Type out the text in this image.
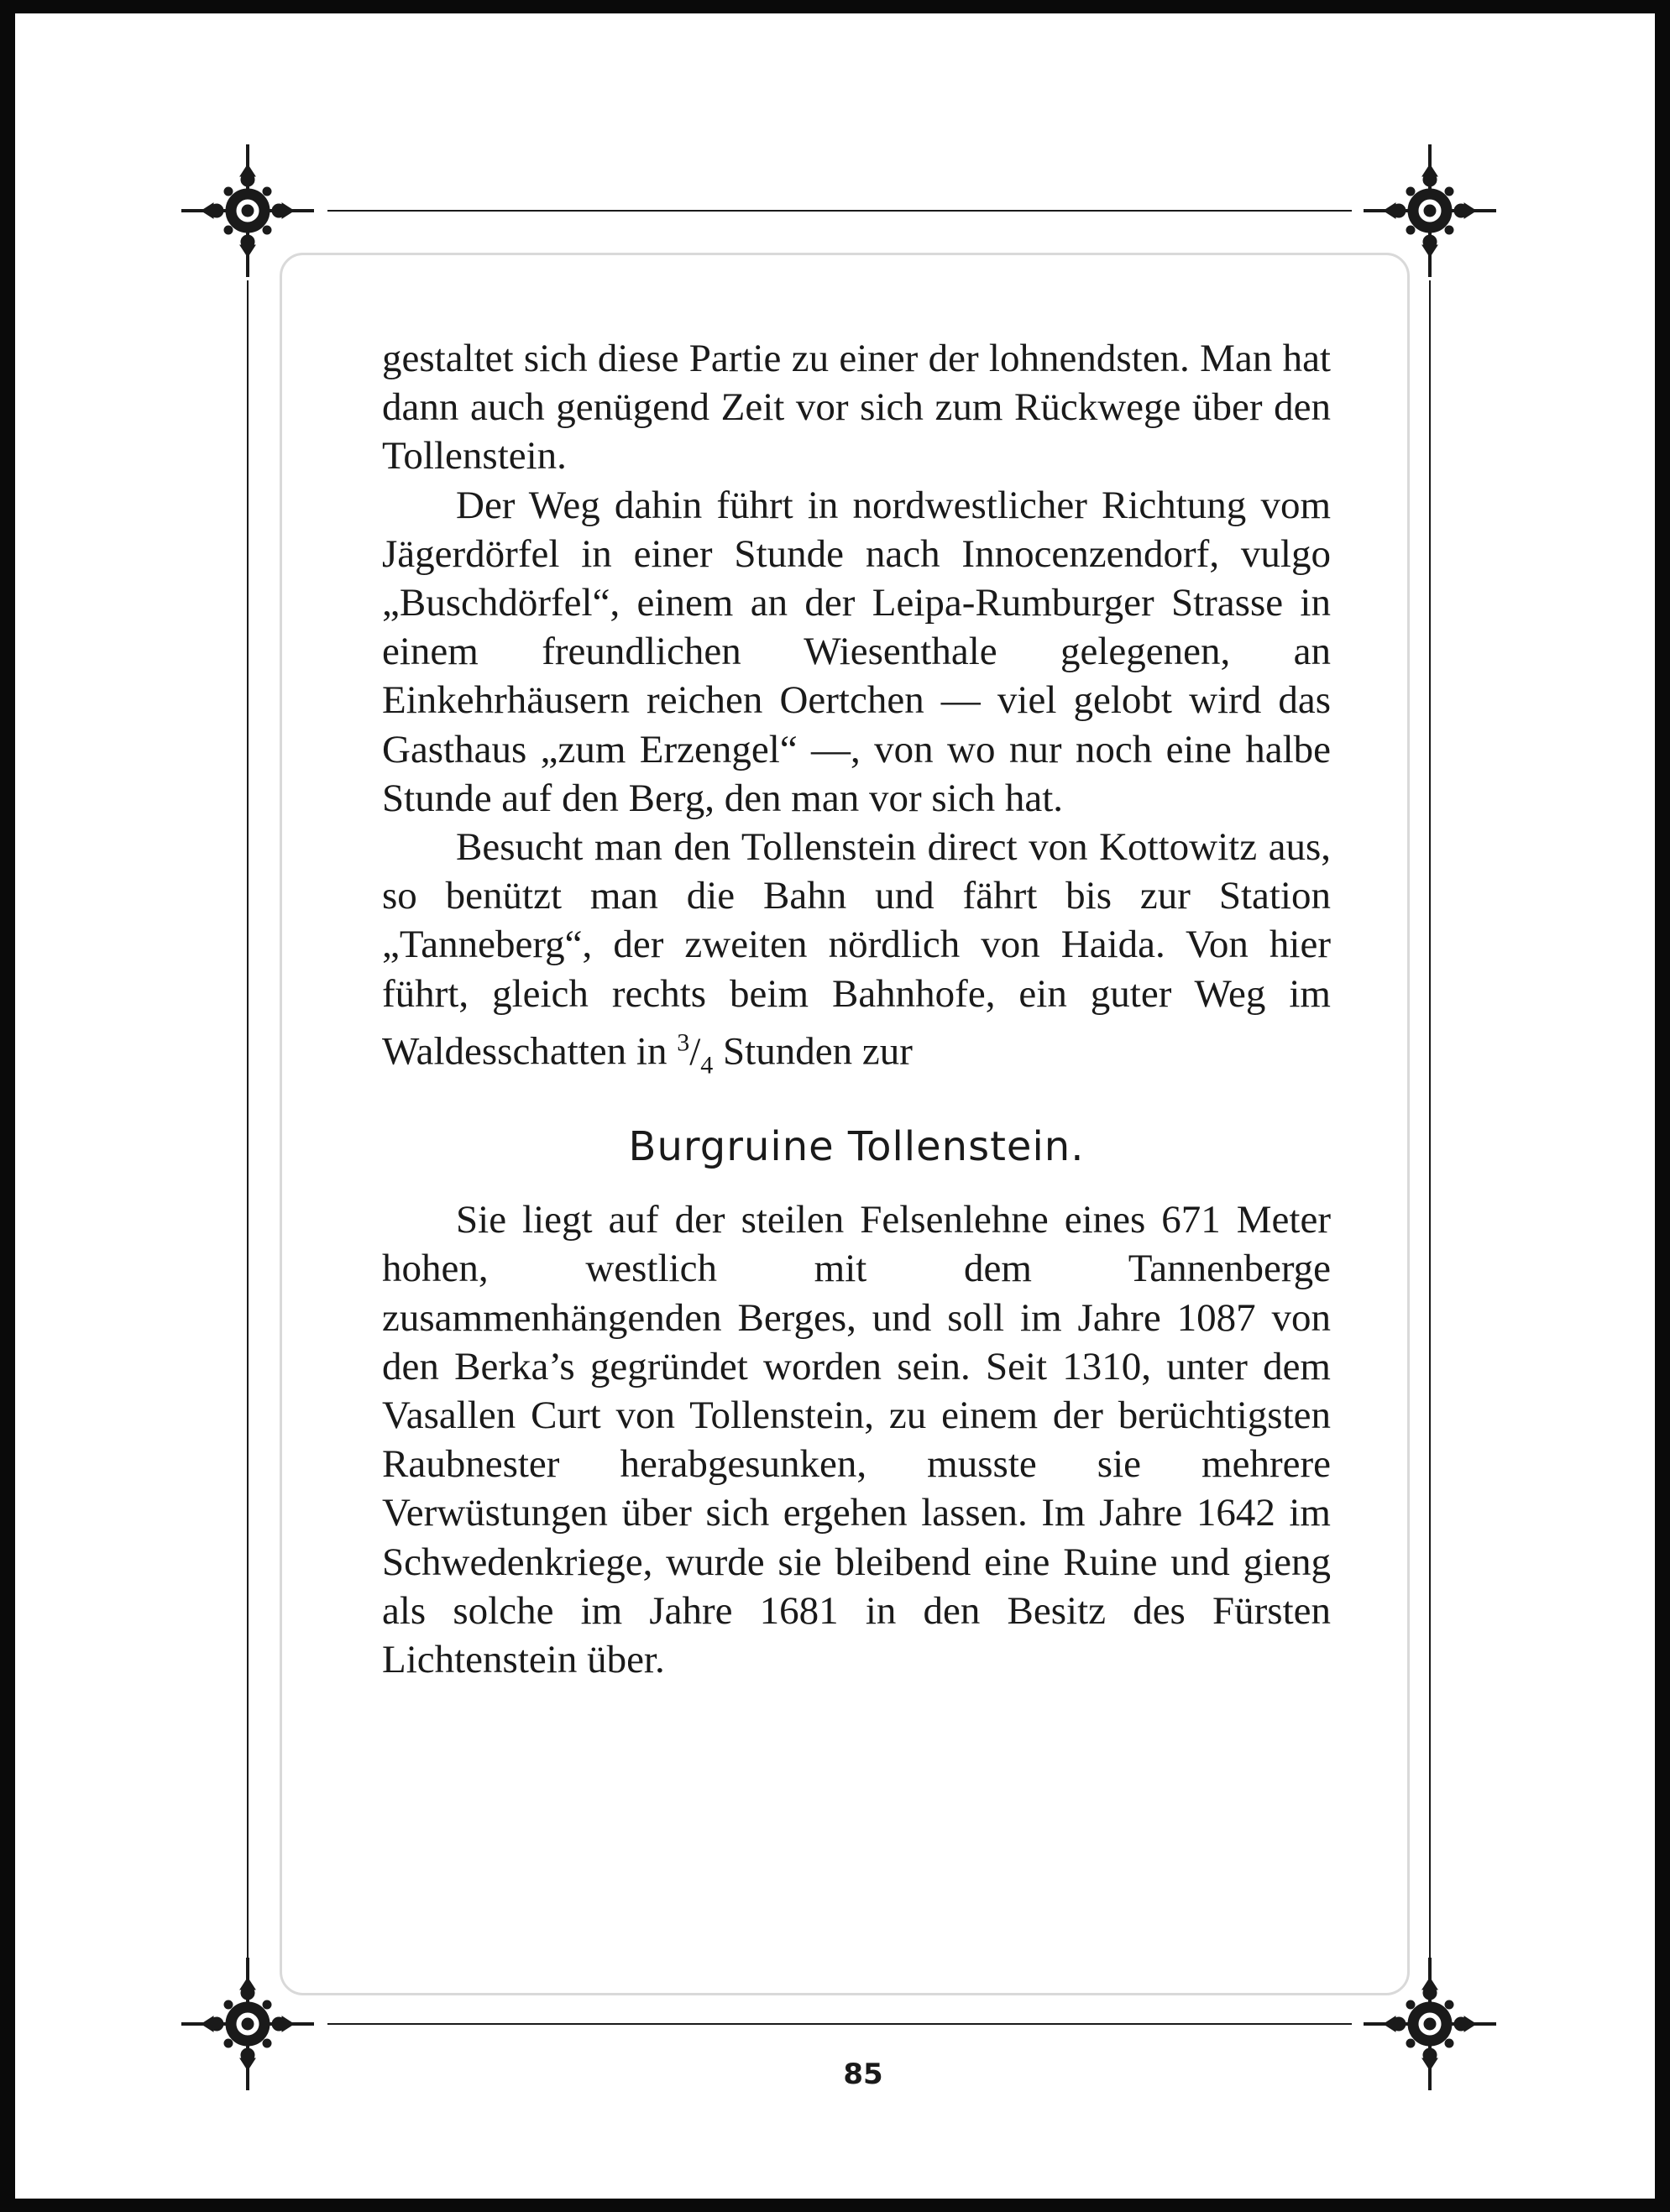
gestaltet sich diese Partie zu einer der lohnendsten. Man hat dann auch genügend Zeit vor sich zum Rückwege über den Tollenstein.

Der Weg dahin führt in nordwestlicher Richtung vom Jägerdörfel in einer Stunde nach Innocenzendorf, vulgo „Buschdörfel“, einem an der Leipa-Rumburger Strasse in einem freundlichen Wiesenthale gelegenen, an Einkehrhäusern reichen Oertchen — viel gelobt wird das Gasthaus „zum Erzengel“ —, von wo nur noch eine halbe Stunde auf den Berg, den man vor sich hat.

Besucht man den Tollenstein direct von Kottowitz aus, so benützt man die Bahn und fährt bis zur Station „Tanneberg“, der zweiten nördlich von Haida. Von hier führt, gleich rechts beim Bahnhofe, ein guter Weg im Waldesschatten in $^3/_4$ Stunden zur

Burgruine Tollenstein.

Sie liegt auf der steilen Felsenlehne eines 671 Meter hohen, westlich mit dem Tannenberge zusammenhängenden Berges, und soll im Jahre 1087 von den Berka’s gegründet worden sein. Seit 1310, unter dem Vasallen Curt von Tollenstein, zu einem der berüchtigsten Raubnester herabgesunken, musste sie mehrere Verwüstungen über sich ergehen lassen. Im Jahre 1642 im Schwedenkriege, wurde sie bleibend eine Ruine und gieng als solche im Jahre 1681 in den Besitz des Fürsten Lichtenstein über.

85
